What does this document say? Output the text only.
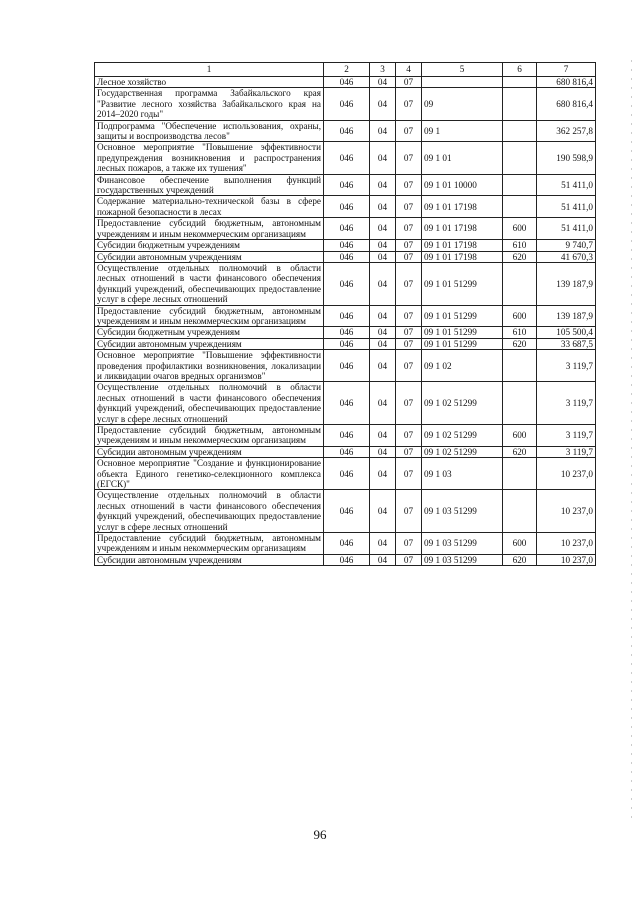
1	2	3	4	5	6	7
Лесное хозяйство	046	04	07			680 816,4
Государственная программа Забайкальского края "Развитие лесного хозяйства Забайкальского края на 2014–2020 годы"	046	04	07	09		680 816,4
Подпрограмма "Обеспечение использования, охраны, защиты и воспроизводства лесов"	046	04	07	09 1		362 257,8
Основное мероприятие "Повышение эффективности предупреждения возникновения и распространения лесных пожаров, а также их тушения"	046	04	07	09 1 01		190 598,9
Финансовое обеспечение выполнения функций государственных учреждений	046	04	07	09 1 01 10000		51 411,0
Содержание материально-технической базы в сфере пожарной безопасности в лесах	046	04	07	09 1 01 17198		51 411,0
Предоставление субсидий бюджетным, автономным учреждениям и иным некоммерческим организациям	046	04	07	09 1 01 17198	600	51 411,0
Субсидии бюджетным учреждениям	046	04	07	09 1 01 17198	610	9 740,7
Субсидии автономным учреждениям	046	04	07	09 1 01 17198	620	41 670,3
Осуществление отдельных полномочий в области лесных отношений в части финансового обеспечения функций учреждений, обеспечивающих предоставление услуг в сфере лесных отношений	046	04	07	09 1 01 51299		139 187,9
Предоставление субсидий бюджетным, автономным учреждениям и иным некоммерческим организациям	046	04	07	09 1 01 51299	600	139 187,9
Субсидии бюджетным учреждениям	046	04	07	09 1 01 51299	610	105 500,4
Субсидии автономным учреждениям	046	04	07	09 1 01 51299	620	33 687,5
Основное мероприятие "Повышение эффективности проведения профилактики возникновения, локализации и ликвидации очагов вредных организмов"	046	04	07	09 1 02		3 119,7
Осуществление отдельных полномочий в области лесных отношений в части финансового обеспечения функций учреждений, обеспечивающих предоставление услуг в сфере лесных отношений	046	04	07	09 1 02 51299		3 119,7
Предоставление субсидий бюджетным, автономным учреждениям и иным некоммерческим организациям	046	04	07	09 1 02 51299	600	3 119,7
Субсидии автономным учреждениям	046	04	07	09 1 02 51299	620	3 119,7
Основное мероприятие "Создание и функционирование объекта Единого генетико-селекционного комплекса (ЕГСК)"	046	04	07	09 1 03		10 237,0
Осуществление отдельных полномочий в области лесных отношений в части финансового обеспечения функций учреждений, обеспечивающих предоставление услуг в сфере лесных отношений	046	04	07	09 1 03 51299		10 237,0
Предоставление субсидий бюджетным, автономным учреждениям и иным некоммерческим организациям	046	04	07	09 1 03 51299	600	10 237,0
Субсидии автономным учреждениям	046	04	07	09 1 03 51299	620	10 237,0
96
